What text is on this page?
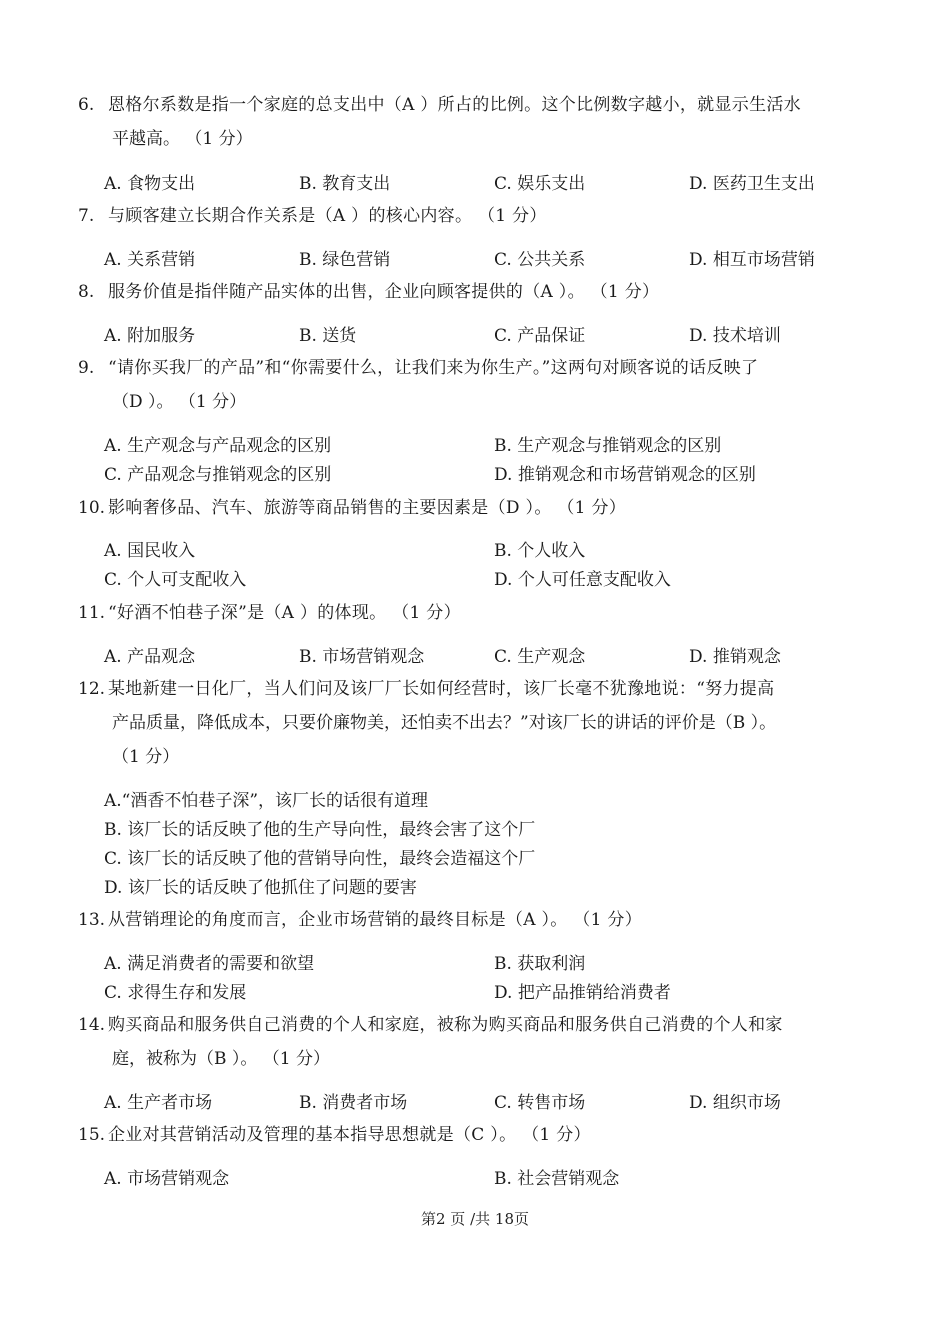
6. 恩格尔系数是指一个家庭的总支出中（A ）所占的比例。这个比例数字越小，就显示生活水
平越高。 （1 分）
A. 食物支出	B. 教育支出	C. 娱乐支出	D. 医药卫生支出
7. 与顾客建立长期合作关系是（A ）的核心内容。 （1 分）
A. 关系营销	B. 绿色营销	C. 公共关系	D. 相互市场营销
8. 服务价值是指伴随产品实体的出售，企业向顾客提供的（A ）。 （1 分）
A. 附加服务	B. 送货	C. 产品保证	D. 技术培训
9. “请你买我厂的产品”和“你需要什么，让我们来为你生产。”这两句对顾客说的话反映了
（D ）。 （1 分）
A. 生产观念与产品观念的区别	B. 生产观念与推销观念的区别
C. 产品观念与推销观念的区别	D. 推销观念和市场营销观念的区别
10. 影响奢侈品、汽车、旅游等商品销售的主要因素是（D ）。 （1 分）
A. 国民收入	B. 个人收入
C. 个人可支配收入	D. 个人可任意支配收入
11. “好酒不怕巷子深”是（A ）的体现。 （1 分）
A. 产品观念	B. 市场营销观念	C. 生产观念	D. 推销观念
12. 某地新建一日化厂，当人们问及该厂厂长如何经营时，该厂长毫不犹豫地说：“努力提高
产品质量，降低成本，只要价廉物美，还怕卖不出去？”对该厂长的讲话的评价是（B ）。
（1 分）
A.“酒香不怕巷子深”，该厂长的话很有道理
B. 该厂长的话反映了他的生产导向性，最终会害了这个厂
C. 该厂长的话反映了他的营销导向性，最终会造福这个厂
D. 该厂长的话反映了他抓住了问题的要害
13. 从营销理论的角度而言，企业市场营销的最终目标是（A ）。 （1 分）
A. 满足消费者的需要和欲望	B. 获取利润
C. 求得生存和发展	D. 把产品推销给消费者
14. 购买商品和服务供自己消费的个人和家庭，被称为购买商品和服务供自己消费的个人和家
庭，被称为（B ）。 （1 分）
A. 生产者市场	B. 消费者市场	C. 转售市场	D. 组织市场
15. 企业对其营销活动及管理的基本指导思想就是（C ）。 （1 分）
A. 市场营销观念	B. 社会营销观念
第2 页 /共 18页
